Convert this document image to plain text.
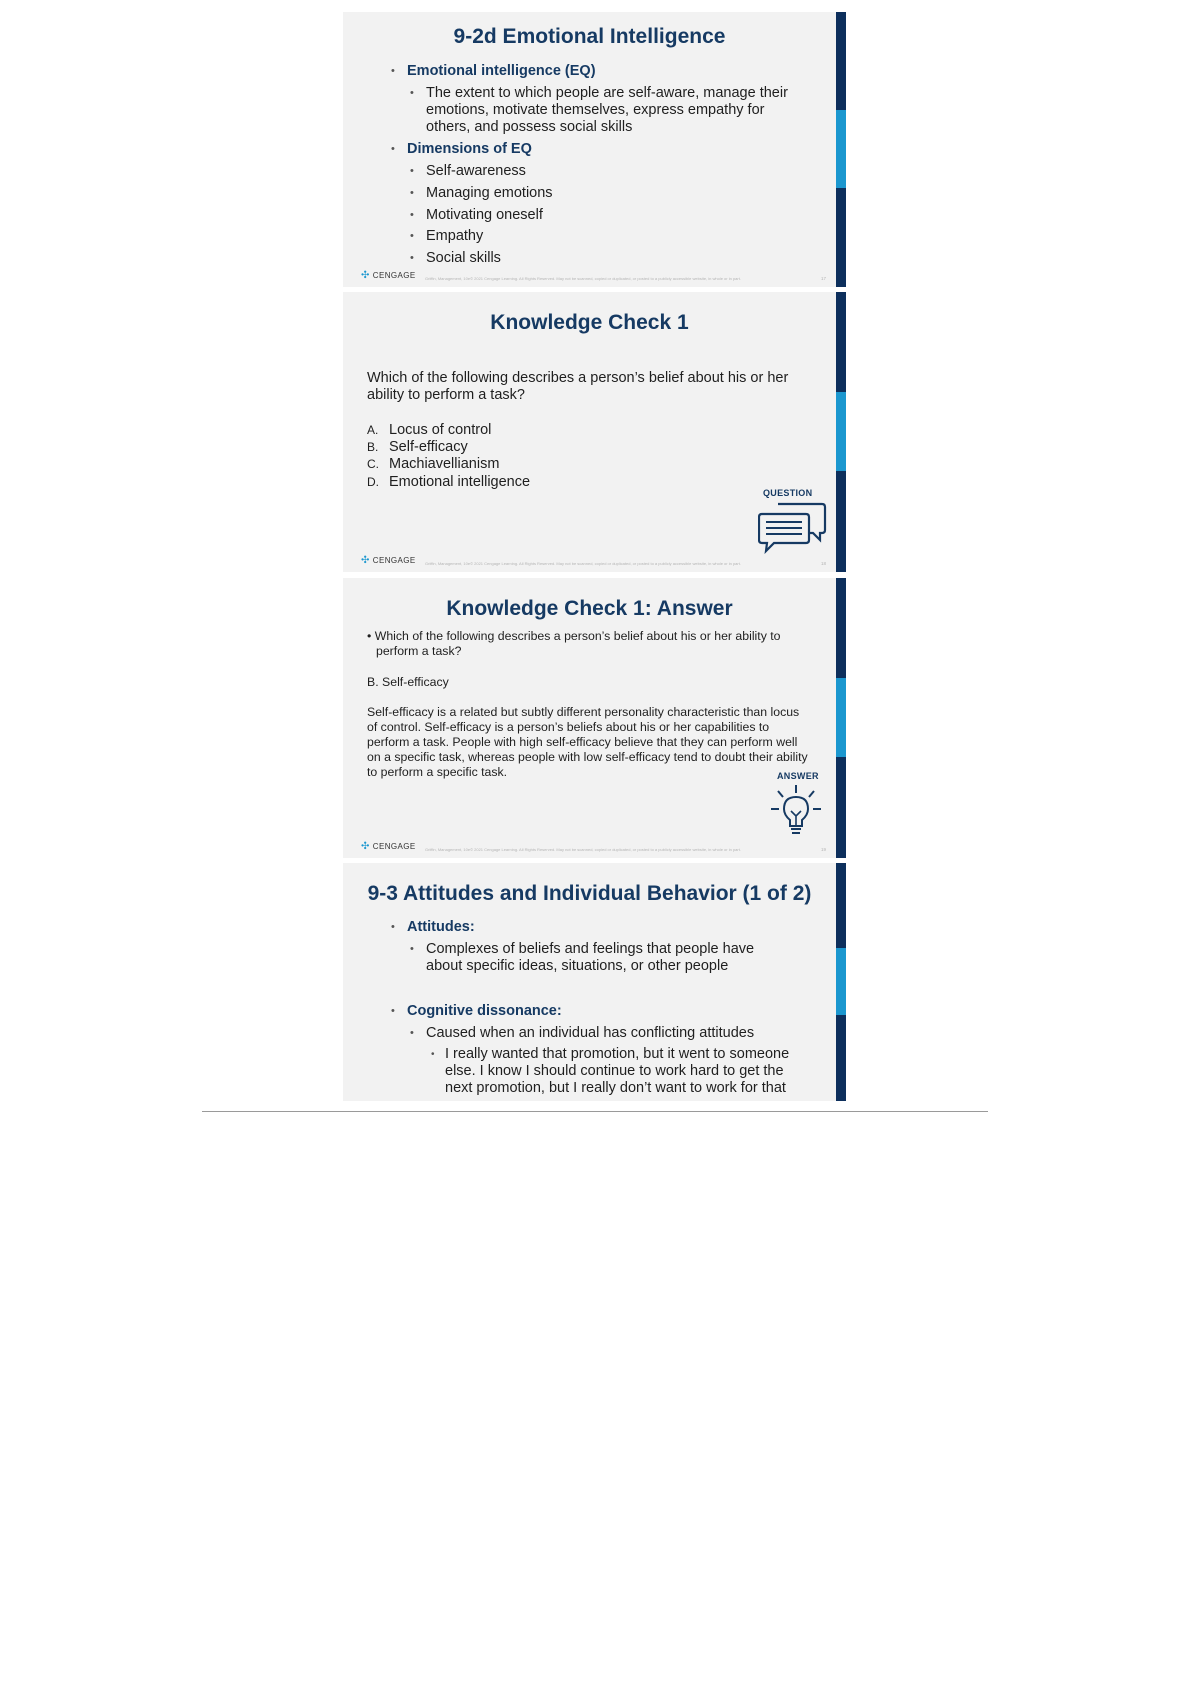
9-2d Emotional Intelligence
• Emotional intelligence (EQ)
• The extent to which people are self-aware, manage their
emotions, motivate themselves, express empathy for
others, and possess social skills
• Dimensions of EQ
• Self-awareness
• Managing emotions
• Motivating oneself
• Empathy
• Social skills
✣ CENGAGE Griffin, Management, 10e© 2021 Cengage Learning. All Rights Reserved. May not be scanned, copied or duplicated, or posted to a publicly accessible website, in whole or in part.	17
Knowledge Check 1
Which of the following describes a person’s belief about his or her
ability to perform a task?
A. Locus of control
B. Self-efficacy
C. Machiavellianism
D. Emotional intelligence
QUESTION
✣ CENGAGE Griffin, Management, 10e© 2021 Cengage Learning. All Rights Reserved. May not be scanned, copied or duplicated, or posted to a publicly accessible website, in whole or in part.	18
Knowledge Check 1: Answer
• Which of the following describes a person’s belief about his or her ability to
perform a task?
B. Self-efficacy
Self-efficacy is a related but subtly different personality characteristic than locus
of control. Self-efficacy is a person’s beliefs about his or her capabilities to
perform a task. People with high self-efficacy believe that they can perform well
on a specific task, whereas people with low self-efficacy tend to doubt their ability
to perform a specific task.	ANSWER
✣ CENGAGE Griffin, Management, 10e© 2021 Cengage Learning. All Rights Reserved. May not be scanned, copied or duplicated, or posted to a publicly accessible website, in whole or in part.	19
9-3 Attitudes and Individual Behavior (1 of 2)
• Attitudes:
• Complexes of beliefs and feelings that people have
about specific ideas, situations, or other people
• Cognitive dissonance:
• Caused when an individual has conflicting attitudes
• I really wanted that promotion, but it went to someone
else. I know I should continue to work hard to get the
next promotion, but I really don’t want to work for that
